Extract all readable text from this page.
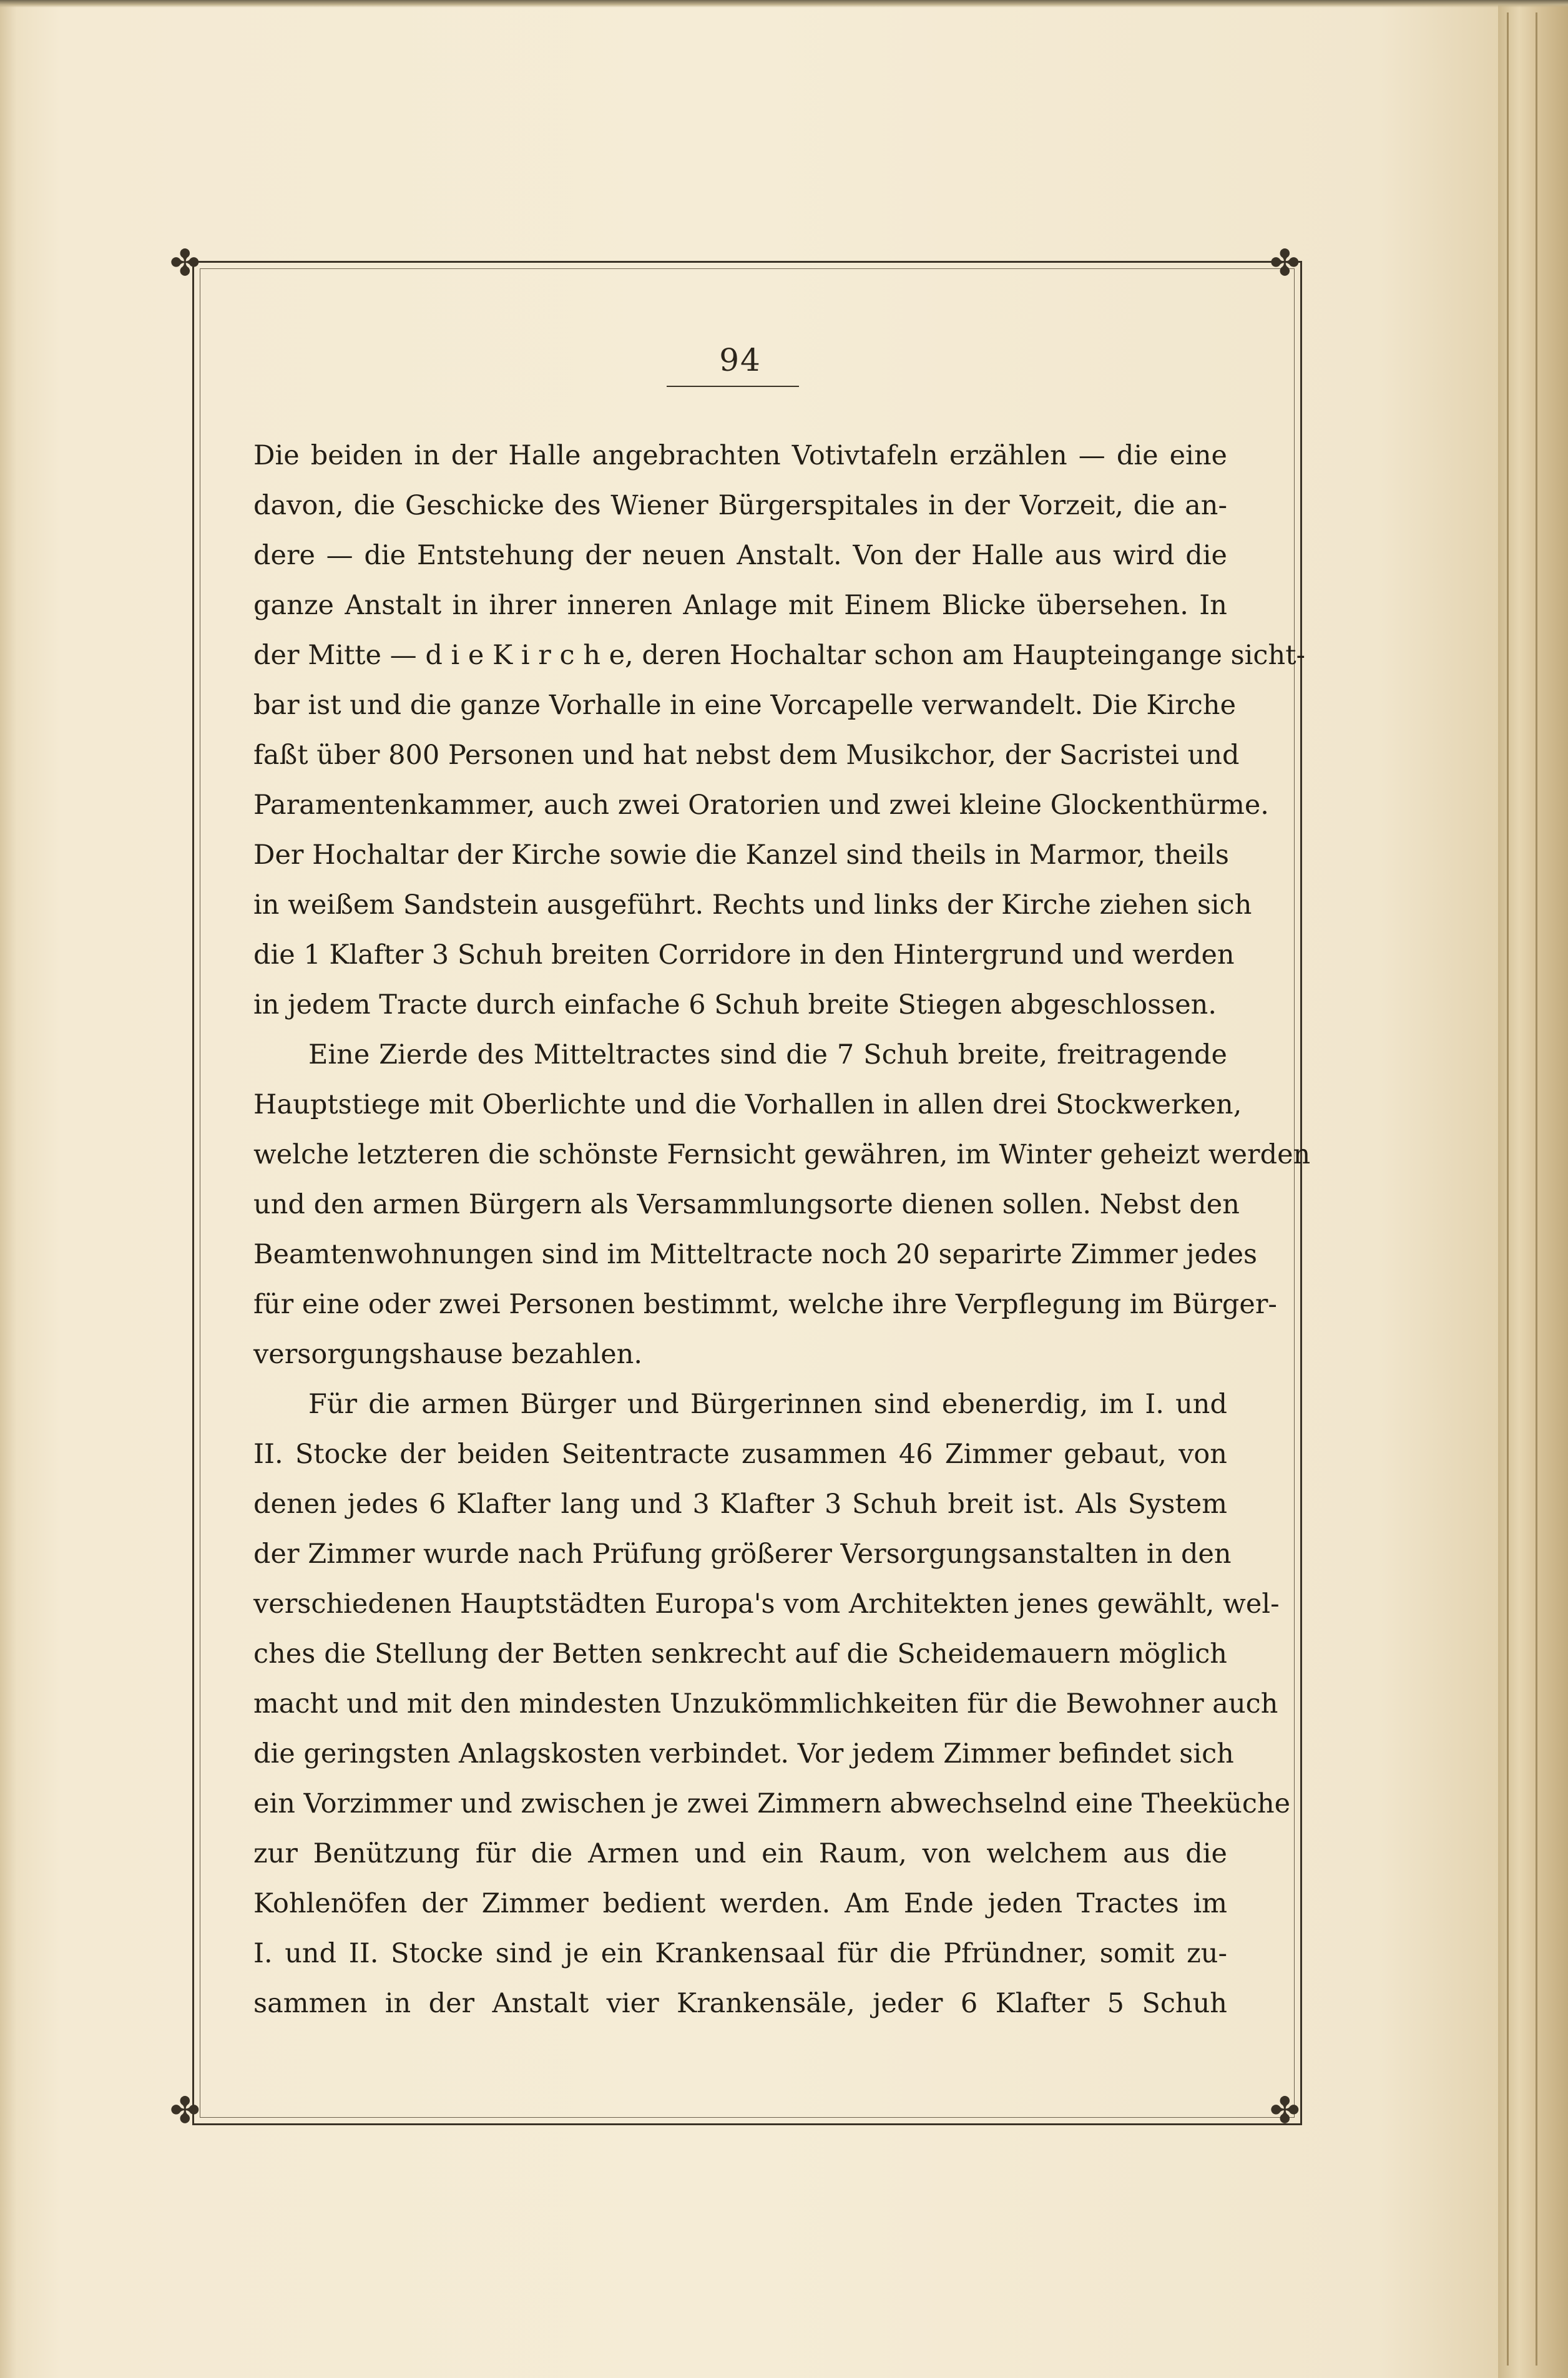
✤	✤
✤	✤
94
Die beiden in der Halle angebrachten Votivtafeln erzählen — die eine
davon, die Geschicke des Wiener Bürgerspitales in der Vorzeit, die an-
dere — die Entstehung der neuen Anstalt. Von der Halle aus wird die
ganze Anstalt in ihrer inneren Anlage mit Einem Blicke übersehen. In
der Mitte — d i e K i r c h e, deren Hochaltar schon am Haupteingange sicht-
bar ist und die ganze Vorhalle in eine Vorcapelle verwandelt. Die Kirche
faßt über 800 Personen und hat nebst dem Musikchor, der Sacristei und
Paramentenkammer, auch zwei Oratorien und zwei kleine Glockenthürme.
Der Hochaltar der Kirche sowie die Kanzel sind theils in Marmor, theils
in weißem Sandstein ausgeführt. Rechts und links der Kirche ziehen sich
die 1 Klafter 3 Schuh breiten Corridore in den Hintergrund und werden
in jedem Tracte durch einfache 6 Schuh breite Stiegen abgeschlossen.
Eine Zierde des Mitteltractes sind die 7 Schuh breite, freitragende
Hauptstiege mit Oberlichte und die Vorhallen in allen drei Stockwerken,
welche letzteren die schönste Fernsicht gewähren, im Winter geheizt werden
und den armen Bürgern als Versammlungsorte dienen sollen. Nebst den
Beamtenwohnungen sind im Mitteltracte noch 20 separirte Zimmer jedes
für eine oder zwei Personen bestimmt, welche ihre Verpflegung im Bürger-
versorgungshause bezahlen.
Für die armen Bürger und Bürgerinnen sind ebenerdig, im I. und
II. Stocke der beiden Seitentracte zusammen 46 Zimmer gebaut, von
denen jedes 6 Klafter lang und 3 Klafter 3 Schuh breit ist. Als System
der Zimmer wurde nach Prüfung größerer Versorgungsanstalten in den
verschiedenen Hauptstädten Europa's vom Architekten jenes gewählt, wel-
ches die Stellung der Betten senkrecht auf die Scheidemauern möglich
macht und mit den mindesten Unzukömmlichkeiten für die Bewohner auch
die geringsten Anlagskosten verbindet. Vor jedem Zimmer befindet sich
ein Vorzimmer und zwischen je zwei Zimmern abwechselnd eine Theeküche
zur Benützung für die Armen und ein Raum, von welchem aus die
Kohlenöfen der Zimmer bedient werden. Am Ende jeden Tractes im
I. und II. Stocke sind je ein Krankensaal für die Pfründner, somit zu-
sammen in der Anstalt vier Krankensäle, jeder 6 Klafter 5 Schuh
